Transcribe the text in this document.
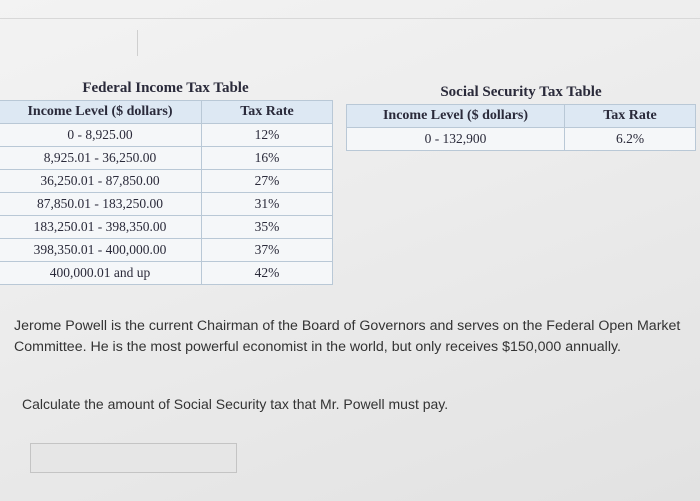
Federal Income Tax Table	
Income Level ($ dollars)	Tax Rate
0 - 8,925.00	12%
8,925.01 - 36,250.00	16%
36,250.01 - 87,850.00	27%
87,850.01 - 183,250.00	31%
183,250.01 - 398,350.00	35%
398,350.01 - 400,000.00	37%
400,000.01 and up	42%
Social Security Tax Table	
Income Level ($ dollars)	Tax Rate
0 - 132,900	6.2%
Jerome Powell is the current Chairman of the Board of Governors and serves on the Federal Open Market Committee. He is the most powerful economist in the world, but only receives $150,000 annually.
Calculate the amount of Social Security tax that Mr. Powell must pay.
